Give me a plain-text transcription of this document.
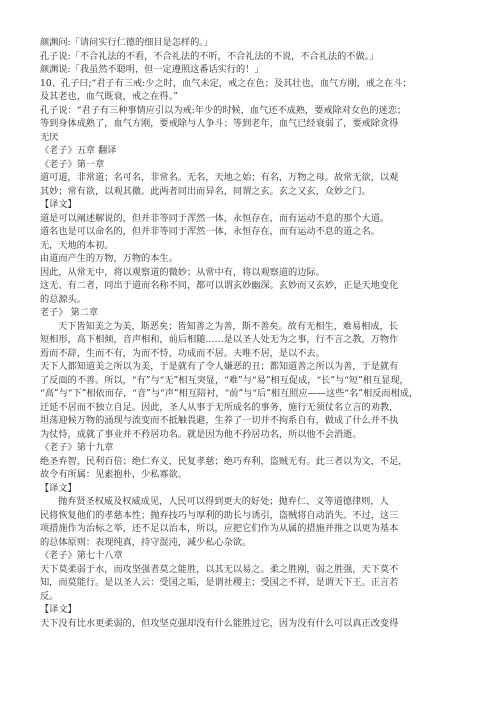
颜渊问:「请问实行仁德的细目是怎样的。」

孔子说:「不合礼法的不看，不合礼法的不听，不合礼法的不说，不合礼法的不做。」

颜渊说:「我虽然不聪明，但一定遵照这番话实行的！」

10、孔子曰;“君子有三戒:少之时，血气未定，戒之在色；及其壮也，血气方刚，戒之在斗；

及其老也，血气既衰，戒之在得。”

孔子说：“君子有三种事情应引以为戒:年少的时候，血气还不成熟，要戒除对女色的迷恋；

等到身体成熟了，血气方刚，要戒除与人争斗；等到老年，血气已经衰弱了，要戒除贪得

无厌

《老子》五章 翻译

《老子》第一章

道可道，非常道；名可名，非常名。无名，天地之始；有名，万物之母。故常无欲，以观

其妙；常有欲，以观其徼。此两者同出而异名，同谓之玄。玄之又玄，众妙之门。

【译文】

道是可以阐述解说的，但并非等同于浑然一体，永恒存在，而有运动不息的那个大道。

道名也是可以命名的，但并非等同于浑然一体，永恒存在，而有运动不息的道之名。

无，天地的本初。

由道而产生的万物，万物的本生。

因此，从常无中，将以观察道的微妙；从常中有，将以观察道的边际。

这无、有二者，同出于道而名称不同，都可以谓玄妙幽深。玄妙而又玄妙，正是天地变化

的总源头。

老子》 第二章

天下皆知美之为美，斯恶矣；皆知善之为善，斯不善矣。故有无相生，难易相成，长

短相形，高下相倾，音声相和，前后相随……是以圣人处无为之事，行不言之教，万物作

焉而不辞，生而不有，为而不恃，功成而不居。夫唯不居，是以不去。

天下人都知道美之所以为美，于是就有了令人嫌恶的丑；都知道善之所以为善，于是就有

了反面的不善。所以，“有”与“无”相互突显，“难”与“易”相互促成，“长”与“短”相互显现，

“高”与“下”相依而存，“音”与“声”相互陪衬，“前”与“后”相互照应——这些“名”相反而相成，

迁延不居而不独立自足。因此，圣人从事于无所成名的事务，施行无须仗名立言的劝教，

坦荡迎候万物的涌现与流变而不抵触畏避，生养了一切并不拘系自有，做成了什么并不执

为仗恃，成就了事业并不矜居功名。就是因为他不矜居功名，所以他不会消逝。

《老子》第十九章

绝圣弃智，民利百倍；绝仁弃义，民复孝慈；绝巧弃利，盗贼无有。此三者以为文，不足，

故令有所属：见素抱朴，少私寡欲。

【译文】

抛弃贤圣权威及权威成见，人民可以得到更大的好处；抛弃仁、义等道德律则，人

民将恢复他们的孝慈本性；抛弃技巧与厚利的助长与诱引，盗贼将自动消失。不过，这三

项措施作为治标之举，还不足以治本，所以，应把它们作为从属的措施并推之以更为基本

的总体原则：表现纯真，持守混沌，减少私心杂欲。

《老子》第七十八章

天下莫柔弱于水，而攻坚强者莫之能胜，以其无以易之。柔之胜刚，弱之胜强，天下莫不

知，而莫能行。是以圣人云：受国之垢，是谓社稷主；受国之不祥，是谓天下王。正言若

反。

【译文】

天下没有比水更柔弱的，但攻坚克强却没有什么能胜过它，因为没有什么可以真正改变得
